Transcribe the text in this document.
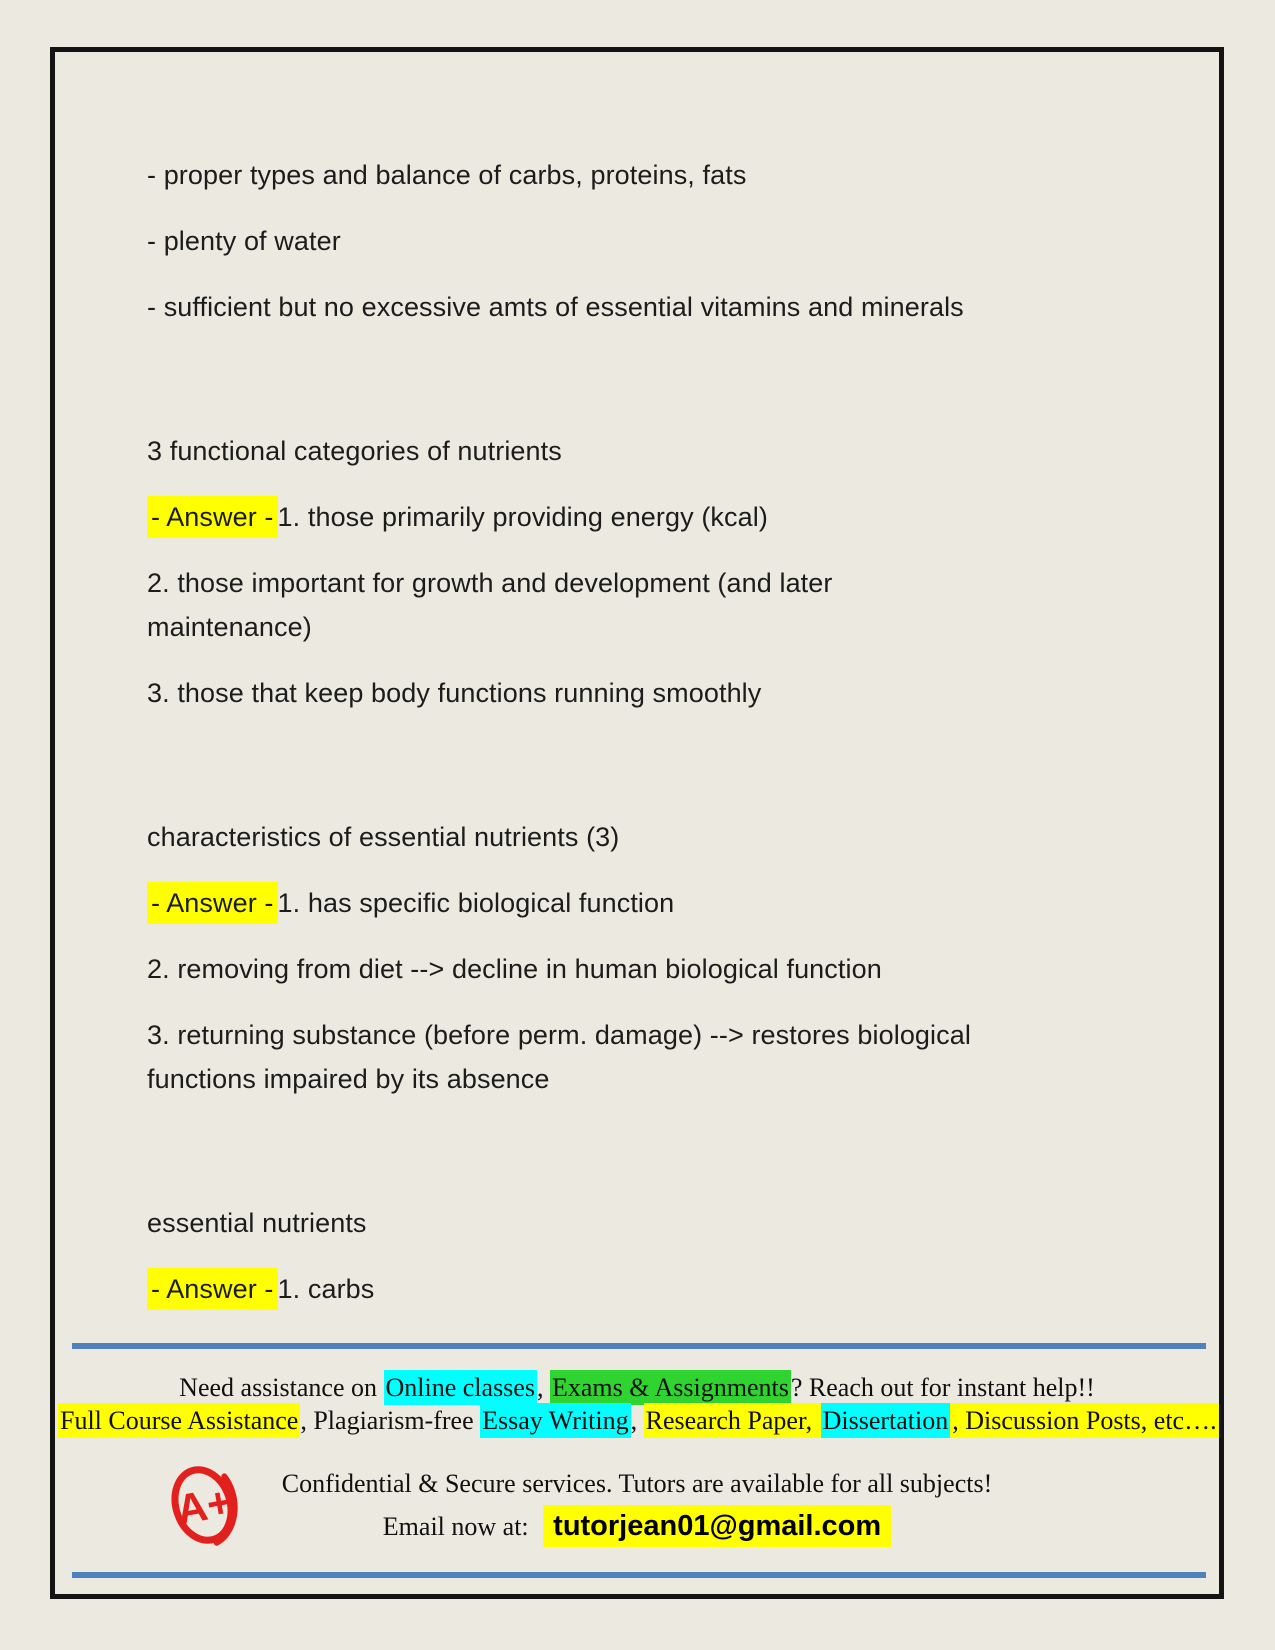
- proper types and balance of carbs, proteins, fats
- plenty of water
- sufficient but no excessive amts of essential vitamins and minerals
3 functional categories of nutrients
- Answer - 1. those primarily providing energy (kcal)
2. those important for growth and development (and later
maintenance)
3. those that keep body functions running smoothly
characteristics of essential nutrients (3)
- Answer - 1. has specific biological function
2. removing from diet --> decline in human biological function
3. returning substance (before perm. damage) --> restores biological
functions impaired by its absence
essential nutrients
- Answer - 1. carbs
Need assistance on Online classes, Exams & Assignments? Reach out for instant help!!
Full Course Assistance, Plagiarism-free Essay Writing, Research Paper, Dissertation , Discussion Posts, etc….
A+	Confidential & Secure services. Tutors are available for all subjects!
Email now at: tutorjean01@gmail.com
